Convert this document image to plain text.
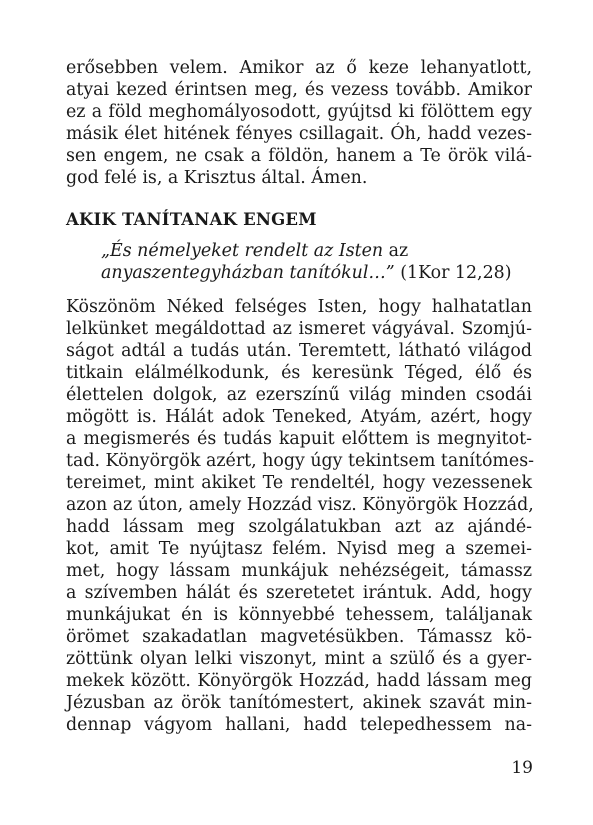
erősebben velem. Amikor az ő keze lehanyatlott,
atyai kezed érintsen meg, és vezess tovább. Amikor
ez a föld meghomályosodott, gyújtsd ki fölöttem egy
másik élet hitének fényes csillagait. Óh, hadd vezes-
sen engem, ne csak a földön, hanem a Te örök vilá-
god felé is, a Krisztus által. Ámen.
AKIK TANÍTANAK ENGEM
„És némelyeket rendelt az Isten az
anyaszentegyházban tanítókul…” (1Kor 12,28)
Köszönöm Néked felséges Isten, hogy halhatatlan
lelkünket megáldottad az ismeret vágyával. Szomjú-
ságot adtál a tudás után. Teremtett, látható világod
titkain elálmélkodunk, és keresünk Téged, élő és
élettelen dolgok, az ezerszínű világ minden csodái
mögött is. Hálát adok Teneked, Atyám, azért, hogy
a megismerés és tudás kapuit előttem is megnyitot-
tad. Könyörgök azért, hogy úgy tekintsem tanítómes-
tereimet, mint akiket Te rendeltél, hogy vezessenek
azon az úton, amely Hozzád visz. Könyörgök Hozzád,
hadd lássam meg szolgálatukban azt az ajándé-
kot, amit Te nyújtasz felém. Nyisd meg a szemei-
met, hogy lássam munkájuk nehézségeit, támassz
a szívemben hálát és szeretetet irántuk. Add, hogy
munkájukat én is könnyebbé tehessem, találjanak
örömet szakadatlan magvetésükben. Támassz kö-
zöttünk olyan lelki viszonyt, mint a szülő és a gyer-
mekek között. Könyörgök Hozzád, hadd lássam meg
Jézusban az örök tanítómestert, akinek szavát min-
dennap vágyom hallani, hadd telepedhessem na-
19
